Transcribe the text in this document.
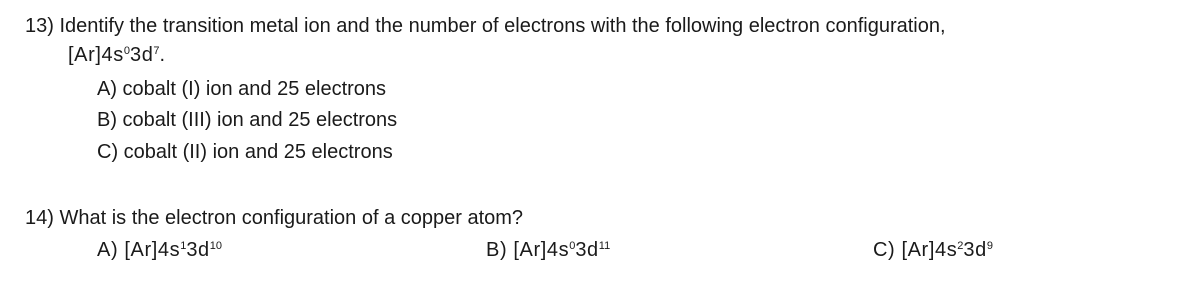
13) Identify the transition metal ion and the number of electrons with the following electron configuration,
$[Ar]4s^03d^7$.
A) cobalt (I) ion and 25 electrons
B) cobalt (III) ion and 25 electrons
C) cobalt (II) ion and 25 electrons
14) What is the electron configuration of a copper atom?
A) $[Ar]4s^13d^{10}$	B) $[Ar]4s^03d^{11}$	C) $[Ar]4s^23d^9$
